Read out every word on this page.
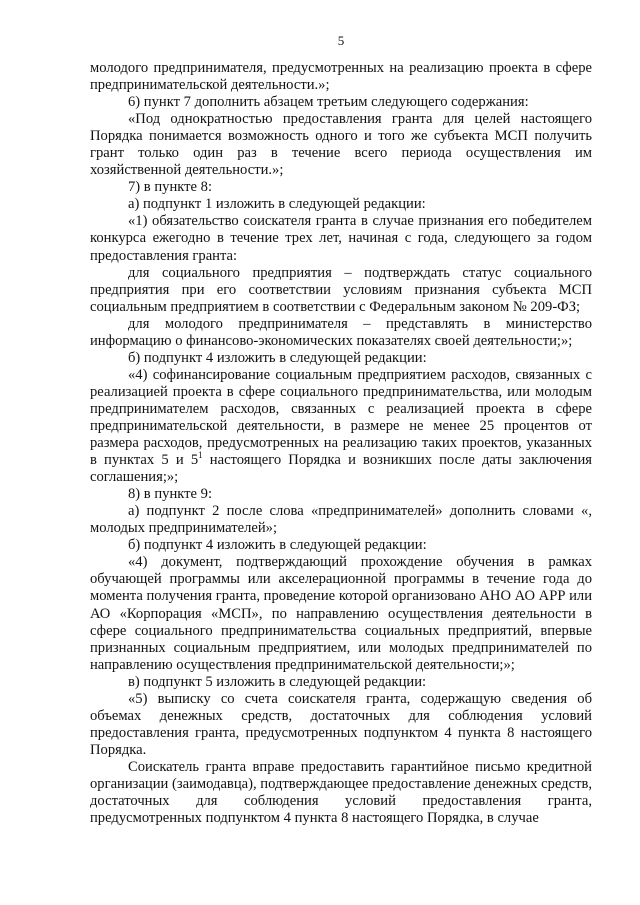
5

молодого предпринимателя, предусмотренных на реализацию проекта в сфере предпринимательской деятельности.»;

6) пункт 7 дополнить абзацем третьим следующего содержания:

«Под однократностью предоставления гранта для целей настоящего Порядка понимается возможность одного и того же субъекта МСП получить грант только один раз в течение всего периода осуществления им хозяйственной деятельности.»;

7) в пункте 8:

а) подпункт 1 изложить в следующей редакции:

«1) обязательство соискателя гранта в случае признания его победителем конкурса ежегодно в течение трех лет, начиная с года, следующего за годом предоставления гранта:

для социального предприятия – подтверждать статус социального предприятия при его соответствии условиям признания субъекта МСП социальным предприятием в соответствии с Федеральным законом № 209-ФЗ;

для молодого предпринимателя – представлять в министерство информацию о финансово-экономических показателях своей деятельности;»;

б) подпункт 4 изложить в следующей редакции:

«4) софинансирование социальным предприятием расходов, связанных с реализацией проекта в сфере социального предпринимательства, или молодым предпринимателем расходов, связанных с реализацией проекта в сфере предпринимательской деятельности, в размере не менее 25 процентов от размера расходов, предусмотренных на реализацию таких проектов, указанных в пунктах 5 и $5^1$ настоящего Порядка и возникших после даты заключения соглашения;»;

8) в пункте 9:

а) подпункт 2 после слова «предпринимателей» дополнить словами «, молодых предпринимателей»;

б) подпункт 4 изложить в следующей редакции:

«4) документ, подтверждающий прохождение обучения в рамках обучающей программы или акселерационной программы в течение года до момента получения гранта, проведение которой организовано АНО АО АРР или АО «Корпорация «МСП», по направлению осуществления деятельности в сфере социального предпринимательства социальных предприятий, впервые признанных социальным предприятием, или молодых предпринимателей по направлению осуществления предпринимательской деятельности;»;

в) подпункт 5 изложить в следующей редакции:

«5) выписку со счета соискателя гранта, содержащую сведения об объемах денежных средств, достаточных для соблюдения условий предоставления гранта, предусмотренных подпунктом 4 пункта 8 настоящего Порядка.

Соискатель гранта вправе предоставить гарантийное письмо кредитной организации (заимодавца), подтверждающее предоставление денежных средств, достаточных для соблюдения условий предоставления гранта, предусмотренных подпунктом 4 пункта 8 настоящего Порядка, в случае
